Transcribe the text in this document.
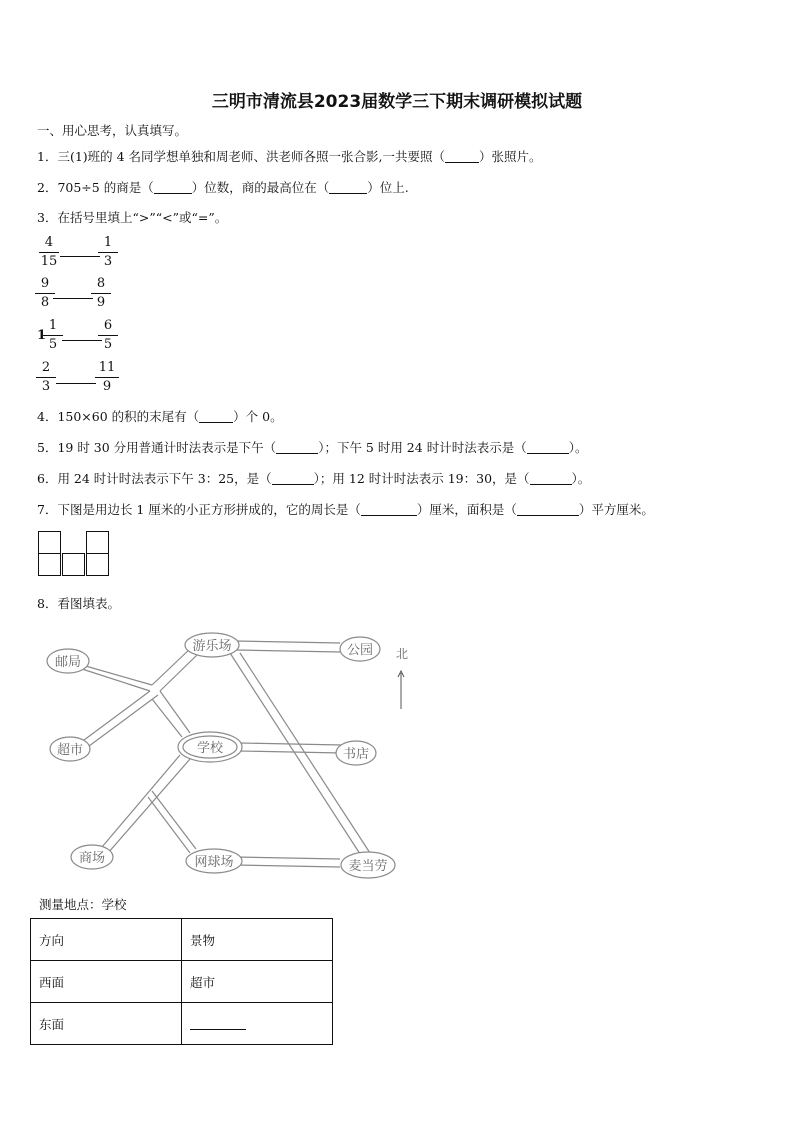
三明市清流县2023届数学三下期末调研模拟试题
一、用心思考，认真填写。
1．三(1)班的 4 名同学想单独和周老师、洪老师各照一张合影,一共要照（	）张照片。
2．705÷5 的商是（	）位数，商的最高位在（	）位上.
3．在括号里填上“>”“<”或“=”。
4
15
1
3
9
8
8
9
1
1
5
6
5
2
3
11
9
4．150×60 的积的末尾有（	）个 0。
5．19 时 30 分用普通计时法表示是下午（	）；下午 5 时用 24 时计时法表示是（	）。
6．用 24 时计时法表示下午 3：25，是（	）；用 12 时计时法表示 19：30，是（	）。
7．下图是用边长 1 厘米的小正方形拼成的，它的周长是（	）厘米，面积是（	）平方厘米。
8．看图填表。
邮局
游乐场	公园
超市	学校	书店
商场	网球场	麦当劳
北
测量地点：学校
方向	景物
西面	超市
东面	
